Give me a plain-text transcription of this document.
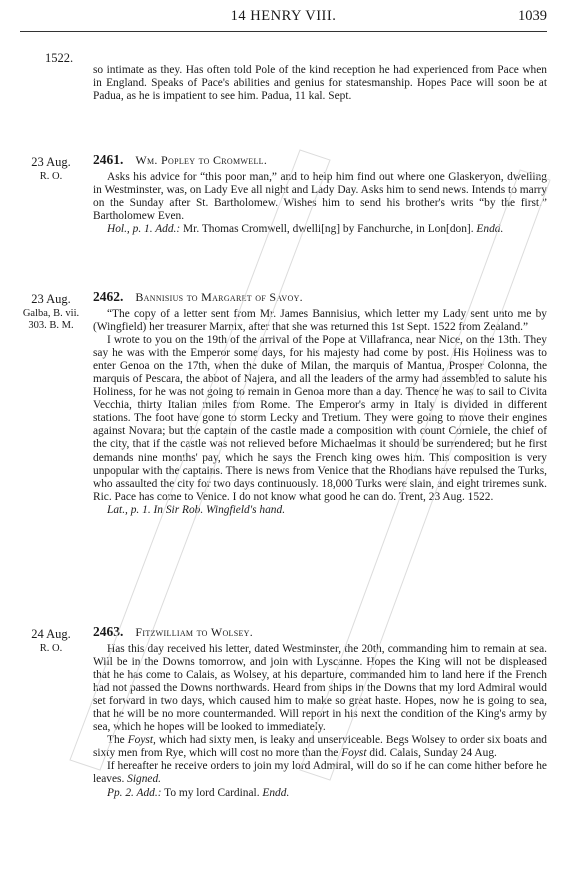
14 HENRY VIII.	1039
1522.

so intimate as they. Has often told Pole of the kind reception he had experienced from Pace when in England. Speaks of Pace's abilities and genius for statesmanship. Hopes Pace will soon be at Padua, as he is impatient to see him. Padua, 11 kal. Sept.

23 Aug.
R. O.

2461. Wm. Popley to Cromwell.

Asks his advice for “this poor man,” and to help him find out where one Glaskeryon, dwelling in Westminster, was, on Lady Eve all night and Lady Day. Asks him to send news. Intends to marry on the Sunday after St. Bartholomew. Wishes him to send his brother's writs “by the first.” Bartholomew Even.

Hol., p. 1. Add.: Mr. Thomas Cromwell, dwelli[ng] by Fanchurche, in Lon[don]. Endd.

23 Aug.
Galba, B. vii. 303. B. M.

2462. Bannisius to Margaret of Savoy.

“The copy of a letter sent from Mr. James Bannisius, which letter my Lady sent unto me by (Wingfield) her treasurer Marnix, after that she was returned this 1st Sept. 1522 from Zealand.”

I wrote to you on the 19th of the arrival of the Pope at Villafranca, near Nice, on the 13th. They say he was with the Emperor some days, for his majesty had come by post. His Holiness was to enter Genoa on the 17th, when the duke of Milan, the marquis of Mantua, Prosper Colonna, the marquis of Pescara, the abbot of Najera, and all the leaders of the army had assembled to salute his Holiness, for he was not going to remain in Genoa more than a day. Thence he was to sail to Civita Vecchia, thirty Italian miles from Rome. The Emperor's army in Italy is divided in different stations. The foot have gone to storm Lecky and Tretium. They were going to move their engines against Novara; but the captain of the castle made a composition with count Corniele, the chief of the city, that if the castle was not relieved before Michaelmas it should be surrendered; but he first demands nine months' pay, which he says the French king owes him. This composition is very unpopular with the captains. There is news from Venice that the Rhodians have repulsed the Turks, who assaulted the city for two days continuously. 18,000 Turks were slain, and eight triremes sunk. Ric. Pace has come to Venice. I do not know what good he can do. Trent, 23 Aug. 1522.

Lat., p. 1. In Sir Rob. Wingfield's hand.

24 Aug.
R. O.

2463. Fitzwilliam to Wolsey.

Has this day received his letter, dated Westminster, the 20th, commanding him to remain at sea. Will be in the Downs tomorrow, and join with Lyscanne. Hopes the King will not be displeased that he has come to Calais, as Wolsey, at his departure, commanded him to land here if the French had not passed the Downs northwards. Heard from ships in the Downs that my lord Admiral would set forward in two days, which caused him to make so great haste. Hopes, now he is going to sea, that he will be no more countermanded. Will report in his next the condition of the King's army by sea, which he hopes will be looked to immediately.

The Foyst, which had sixty men, is leaky and unserviceable. Begs Wolsey to order six boats and sixty men from Rye, which will cost no more than the Foyst did. Calais, Sunday 24 Aug.

If hereafter he receive orders to join my lord Admiral, will do so if he can come hither before he leaves. Signed.

Pp. 2. Add.: To my lord Cardinal. Endd.
